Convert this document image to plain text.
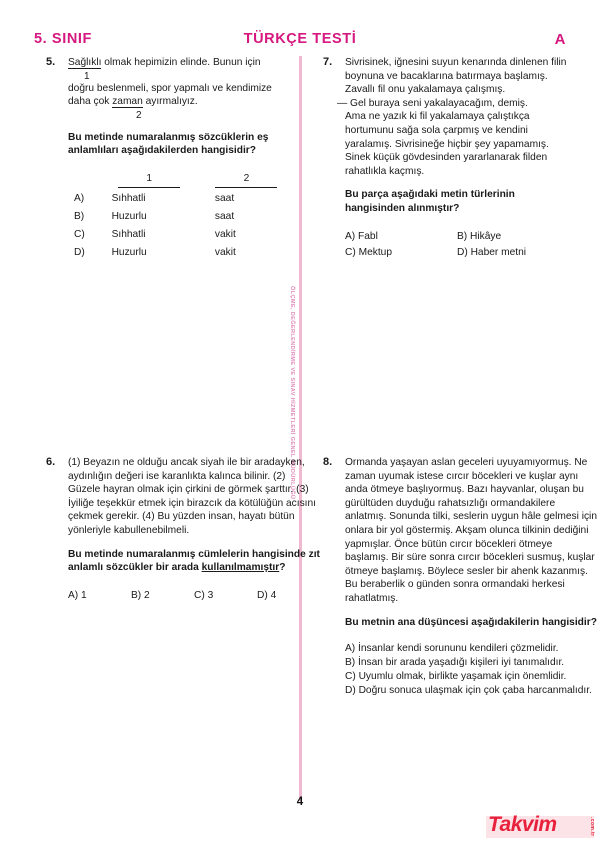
5. SINIF	TÜRKÇE TESTİ	A
ÖLÇME, DEĞERLENDİRME VE SINAV HİZMETLERİ GENEL MÜDÜRLÜĞÜ
5. Sağlıklı olmak hepimizin elinde. Bunun için
1
doğru beslenmeli, spor yapmalı ve kendimize
daha çok zaman ayırmalıyız.
2
Bu metinde numaralanmış sözcüklerin eş anlamlıları aşağıdakilerden hangisidir?
	1	2
A)	Sıhhatli	saat
B)	Huzurlu	saat
C)	Sıhhatli	vakit
D)	Huzurlu	vakit
6. (1) Beyazın ne olduğu ancak siyah ile bir aradayken, aydınlığın değeri ise karanlıkta kalınca bilinir. (2) Güzele hayran olmak için çirkini de görmek şarttır. (3) İyiliğe teşekkür etmek için birazcık da kötülüğün acısını çekmek gerekir. (4) Bu yüzden insan, hayatı bütün yönleriyle kabullenebilmeli.
Bu metinde numaralanmış cümlelerin hangisinde zıt anlamlı sözcükler bir arada kullanılmamıştır?
A) 1	B) 2	C) 3	D) 4
7. Sivrisinek, iğnesini suyun kenarında dinlenen filin boynuna ve bacaklarına batırmaya başlamış. Zavallı fil onu yakalamaya çalışmış.
— Gel buraya seni yakalayacağım, demiş.
Ama ne yazık ki fil yakalamaya çalıştıkça hortumunu sağa sola çarpmış ve kendini yaralamış. Sivrisineğe hiçbir şey yapamamış. Sinek küçük gövdesinden yararlanarak filden rahatlıkla kaçmış.
Bu parça aşağıdaki metin türlerinin hangisinden alınmıştır?
A) Fabl	B) Hikâye
C) Mektup	D) Haber metni
8. Ormanda yaşayan aslan geceleri uyuyamıyormuş. Ne zaman uyumak istese cırcır böcekleri ve kuşlar aynı anda ötmeye başlıyormuş. Bazı hayvanlar, oluşan bu gürültüden duyduğu rahatsızlığı ormandakilere anlatmış. Sonunda tilki, seslerin uygun hâle gelmesi için onlara bir yol göstermiş. Akşam olunca tilkinin dediğini yapmışlar. Önce bütün cırcır böcekleri ötmeye başlamış. Bir süre sonra cırcır böcekleri susmuş, kuşlar ötmeye başlamış. Böylece sesler bir ahenk kazanmış. Bu beraberlik o günden sonra ormandaki herkesi rahatlatmış.
Bu metnin ana düşüncesi aşağıdakilerin hangisidir?
A) İnsanlar kendi sorununu kendileri çözmelidir.
B) İnsan bir arada yaşadığı kişileri iyi tanımalıdır.
C) Uyumlu olmak, birlikte yaşamak için önemlidir.
D) Doğru sonuca ulaşmak için çok çaba harcanmalıdır.
4
Takvim	.com.tr
